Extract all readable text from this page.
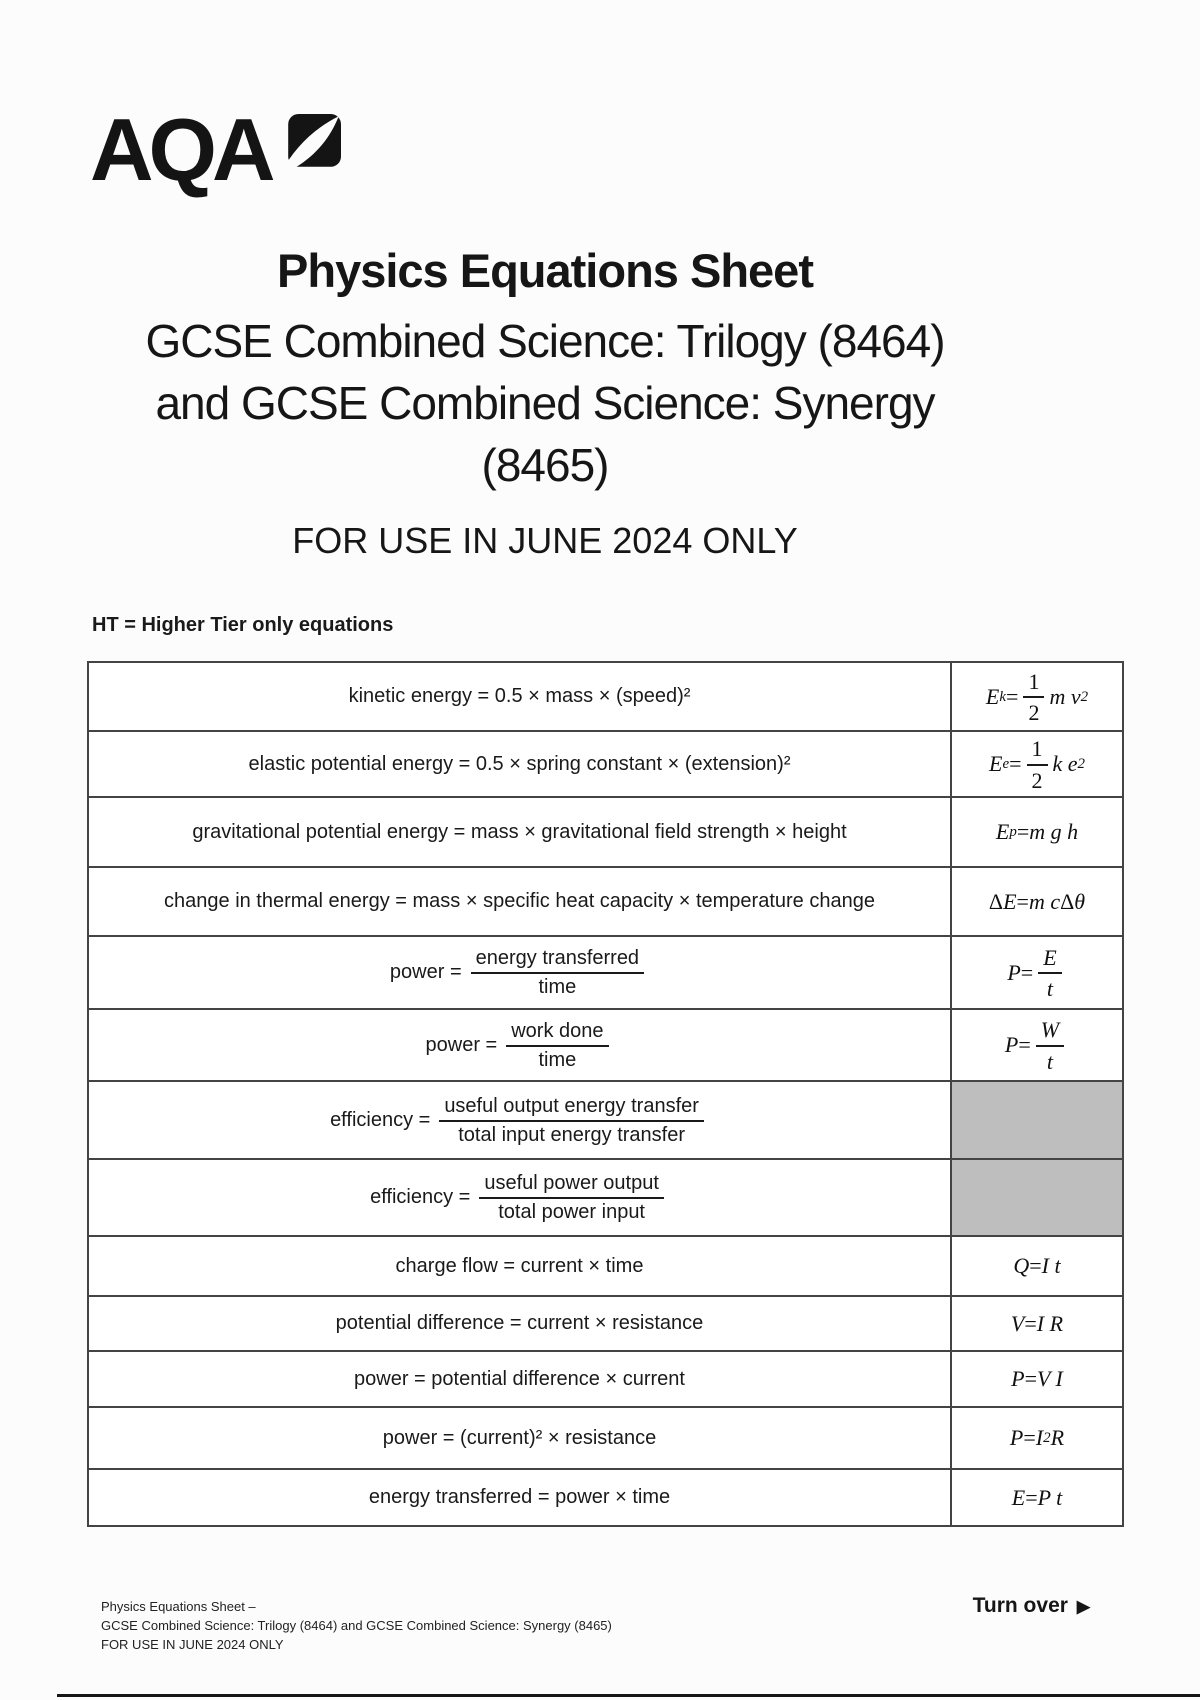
AQA
Physics Equations Sheet
GCSE Combined Science: Trilogy (8464)
and GCSE Combined Science: Synergy
(8465)
FOR USE IN JUNE 2024 ONLY
HT = Higher Tier only equations
kinetic energy = 0.5 × mass × (speed)²	E $k = \frac{1}{2}$ m v 2
elastic potential energy = 0.5 × spring constant × (extension)²	E $e = \frac{1}{2}$ k e 2
gravitational potential energy = mass × gravitational field strength × height	E p = m g h
change in thermal energy = mass × specific heat capacity × temperature change	Δ E = m c Δ θ
power = $\frac{\text{energy transferred}}{\text{time}}$	$P = \frac{E}{t}$
power = $\frac{\text{work done}}{\text{time}}$	$P = \frac{W}{t}$
efficiency = $\frac{\text{useful output energy transfer}}{\text{total input energy transfer}}$
efficiency = $\frac{\text{useful power output}}{\text{total power input}}$
charge flow = current × time	Q = I t
potential difference = current × resistance	V = I R
power = potential difference × current	P = V I
power = (current)² × resistance	P = I 2 R
energy transferred = power × time	E = P t
Physics Equations Sheet –
GCSE Combined Science: Trilogy (8464) and GCSE Combined Science: Synergy (8465)
FOR USE IN JUNE 2024 ONLY
Turn over ▶
